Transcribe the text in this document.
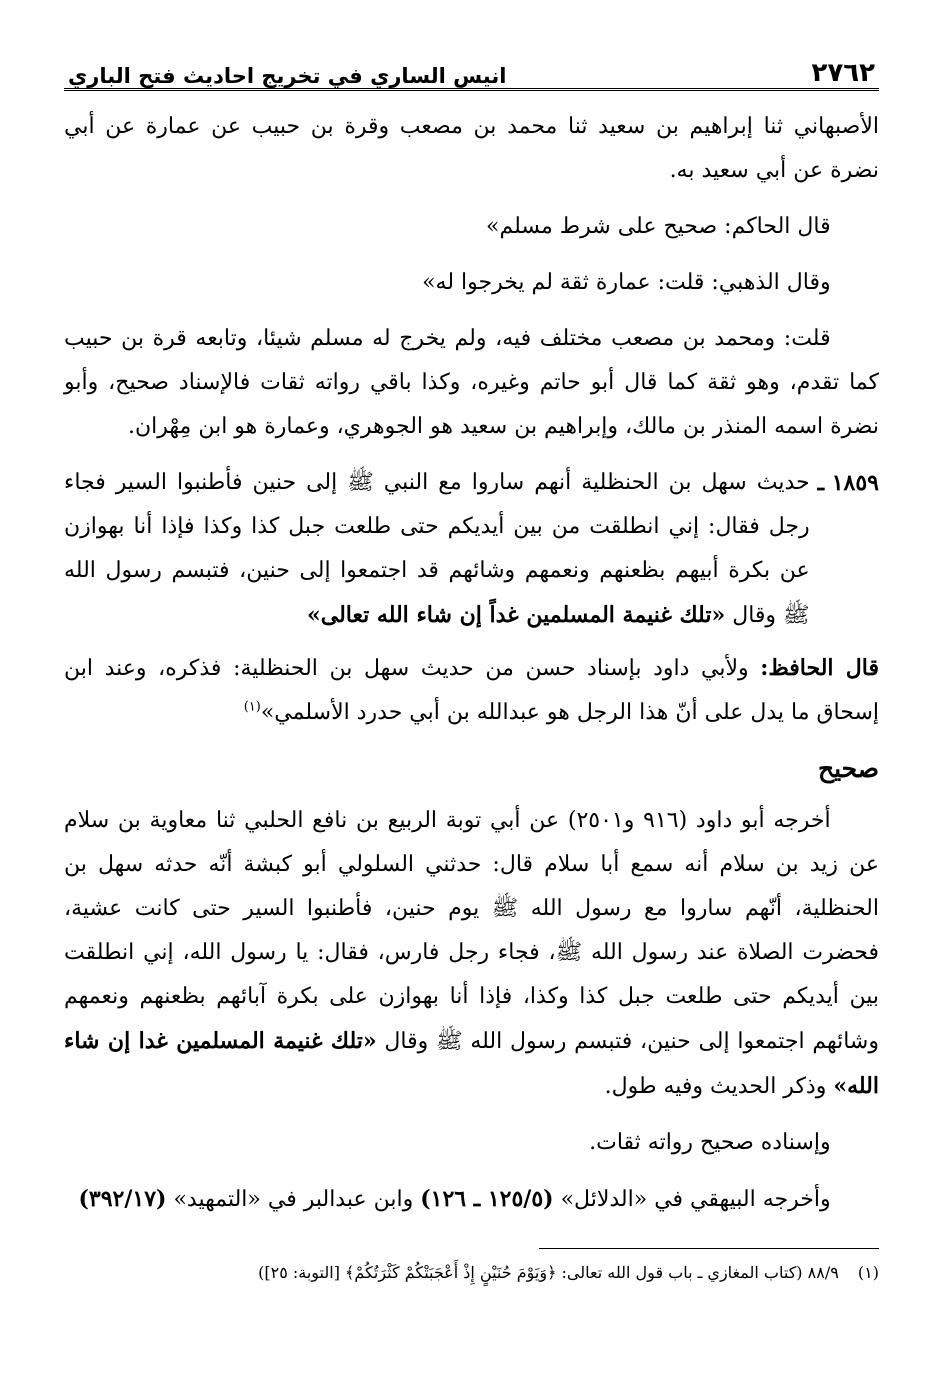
٢٧٦٢
انيس الساري في تخريج احاديث فتح الباري

الأصبهاني ثنا إبراهيم بن سعيد ثنا محمد بن مصعب وقرة بن حبيب عن عمارة عن أبي نضرة عن أبي سعيد به.

قال الحاكم: صحيح على شرط مسلم»

وقال الذهبي: قلت: عمارة ثقة لم يخرجوا له»

قلت: ومحمد بن مصعب مختلف فيه، ولم يخرج له مسلم شيئا، وتابعه قرة بن حبيب كما تقدم، وهو ثقة كما قال أبو حاتم وغيره، وكذا باقي رواته ثقات فالإسناد صحيح، وأبو نضرة اسمه المنذر بن مالك، وإبراهيم بن سعيد هو الجوهري، وعمارة هو ابن مِهْران.

١٨٥٩ ـ
حديث سهل بن الحنظلية أنهم ساروا مع النبي ﷺ إلى حنين فأطنبوا السير فجاء رجل فقال: إني انطلقت من بين أيديكم حتى طلعت جبل كذا وكذا فإذا أنا بهوازن عن بكرة أبيهم بظعنهم ونعمهم وشائهم قد اجتمعوا إلى حنين، فتبسم رسول الله ﷺ وقال «تلك غنيمة المسلمين غداً إن شاء الله تعالى»

قال الحافظ: ولأبي داود بإسناد حسن من حديث سهل بن الحنظلية: فذكره، وعند ابن إسحاق ما يدل على أنّ هذا الرجل هو عبدالله بن أبي حدرد الأسلمي»$^{(١)}$

صحيح

أخرجه أبو داود (٩١٦ و٢٥٠١) عن أبي توبة الربيع بن نافع الحلبي ثنا معاوية بن سلام عن زيد بن سلام أنه سمع أبا سلام قال: حدثني السلولي أبو كبشة أنّه حدثه سهل بن الحنظلية، أنّهم ساروا مع رسول الله ﷺ يوم حنين، فأطنبوا السير حتى كانت عشية، فحضرت الصلاة عند رسول الله ﷺ، فجاء رجل فارس، فقال: يا رسول الله، إني انطلقت بين أيديكم حتى طلعت جبل كذا وكذا، فإذا أنا بهوازن على بكرة آبائهم بظعنهم ونعمهم وشائهم اجتمعوا إلى حنين، فتبسم رسول الله ﷺ وقال «تلك غنيمة المسلمين غدا إن شاء الله» وذكر الحديث وفيه طول.

وإسناده صحيح رواته ثقات.

وأخرجه البيهقي في «الدلائل» (١٢٥/٥ ـ ١٢٦) وابن عبدالبر في «التمهيد» (٣٩٢/١٧)

(١) ٨٨/٩ (كتاب المغازي ـ باب قول الله تعالى: ﴿وَيَوْمَ حُنَيْنٍ إِذْ أَعْجَبَتْكُمْ كَثْرَتُكُمْ﴾ [التوبة: ٢٥])
